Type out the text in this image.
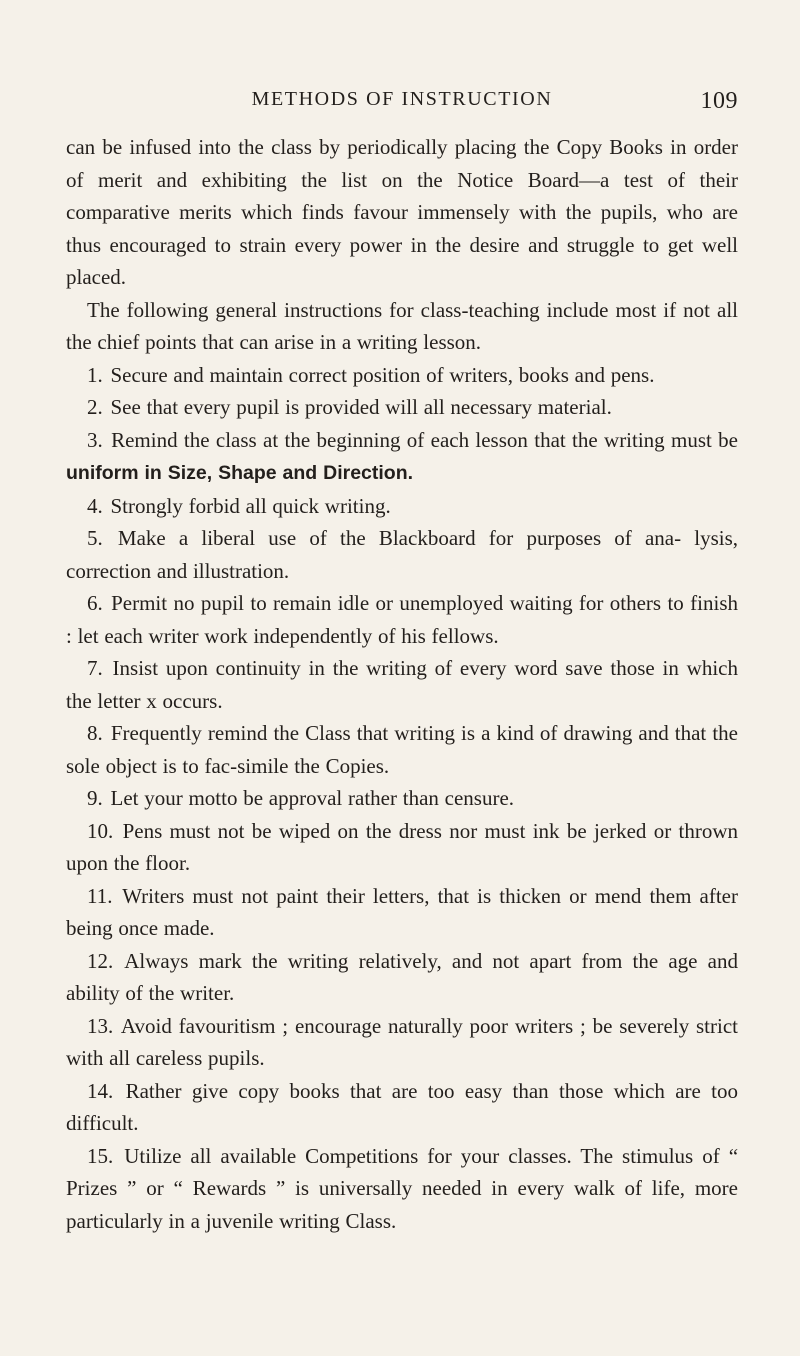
METHODS OF INSTRUCTION	109

can be infused into the class by periodically placing the Copy Books in order of merit and exhibiting the list on the Notice Board—a test of their comparative merits which finds favour immensely with the pupils, who are thus encouraged to strain every power in the desire and struggle to get well placed.

The following general instructions for class-teaching include most if not all the chief points that can arise in a writing lesson.

1. Secure and maintain correct position of writers, books and pens.

2. See that every pupil is provided will all necessary material.

3. Remind the class at the beginning of each lesson that the writing must be uniform in Size, Shape and Direction.

4. Strongly forbid all quick writing.

5. Make a liberal use of the Blackboard for purposes of ana- lysis, correction and illustration.

6. Permit no pupil to remain idle or unemployed waiting for others to finish : let each writer work independently of his fellows.

7. Insist upon continuity in the writing of every word save those in which the letter x occurs.

8. Frequently remind the Class that writing is a kind of drawing and that the sole object is to fac-simile the Copies.

9. Let your motto be approval rather than censure.

10. Pens must not be wiped on the dress nor must ink be jerked or thrown upon the floor.

11. Writers must not paint their letters, that is thicken or mend them after being once made.

12. Always mark the writing relatively, and not apart from the age and ability of the writer.

13. Avoid favouritism ; encourage naturally poor writers ; be severely strict with all careless pupils.

14. Rather give copy books that are too easy than those which are too difficult.

15. Utilize all available Competitions for your classes. The stimulus of “ Prizes ” or “ Rewards ” is universally needed in every walk of life, more particularly in a juvenile writing Class.
